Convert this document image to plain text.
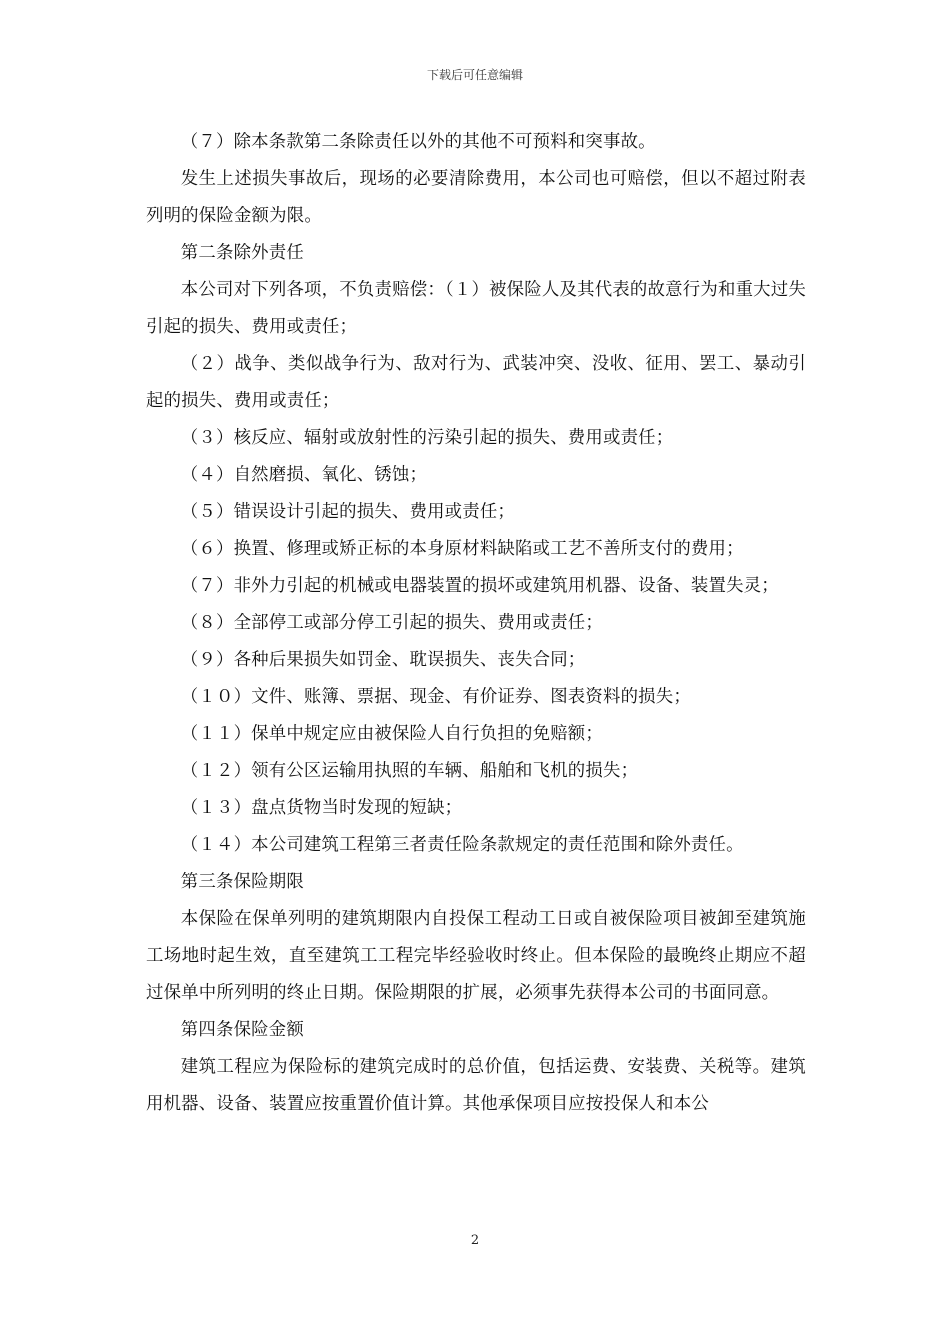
下载后可任意编辑

（７）除本条款第二条除责任以外的其他不可预料和突事故。

发生上述损失事故后，现场的必要清除费用，本公司也可赔偿，但以不超过附表列明的保险金额为限。

第二条除外责任

本公司对下列各项，不负责赔偿：（１）被保险人及其代表的故意行为和重大过失引起的损失、费用或责任；

（２）战争、类似战争行为、敌对行为、武装冲突、没收、征用、罢工、暴动引起的损失、费用或责任；

（３）核反应、辐射或放射性的污染引起的损失、费用或责任；

（４）自然磨损、氧化、锈蚀；

（５）错误设计引起的损失、费用或责任；

（６）换置、修理或矫正标的本身原材料缺陷或工艺不善所支付的费用；

（７）非外力引起的机械或电器装置的损坏或建筑用机器、设备、装置失灵；

（８）全部停工或部分停工引起的损失、费用或责任；

（９）各种后果损失如罚金、耽误损失、丧失合同；

（１０）文件、账簿、票据、现金、有价证券、图表资料的损失；

（１１）保单中规定应由被保险人自行负担的免赔额；

（１２）领有公区运输用执照的车辆、船舶和飞机的损失；

（１３）盘点货物当时发现的短缺；

（１４）本公司建筑工程第三者责任险条款规定的责任范围和除外责任。

第三条保险期限

本保险在保单列明的建筑期限内自投保工程动工日或自被保险项目被卸至建筑施工场地时起生效，直至建筑工工程完毕经验收时终止。但本保险的最晚终止期应不超过保单中所列明的终止日期。保险期限的扩展，必须事先获得本公司的书面同意。

第四条保险金额

建筑工程应为保险标的建筑完成时的总价值，包括运费、安装费、关税等。建筑用机器、设备、装置应按重置价值计算。其他承保项目应按投保人和本公

2
